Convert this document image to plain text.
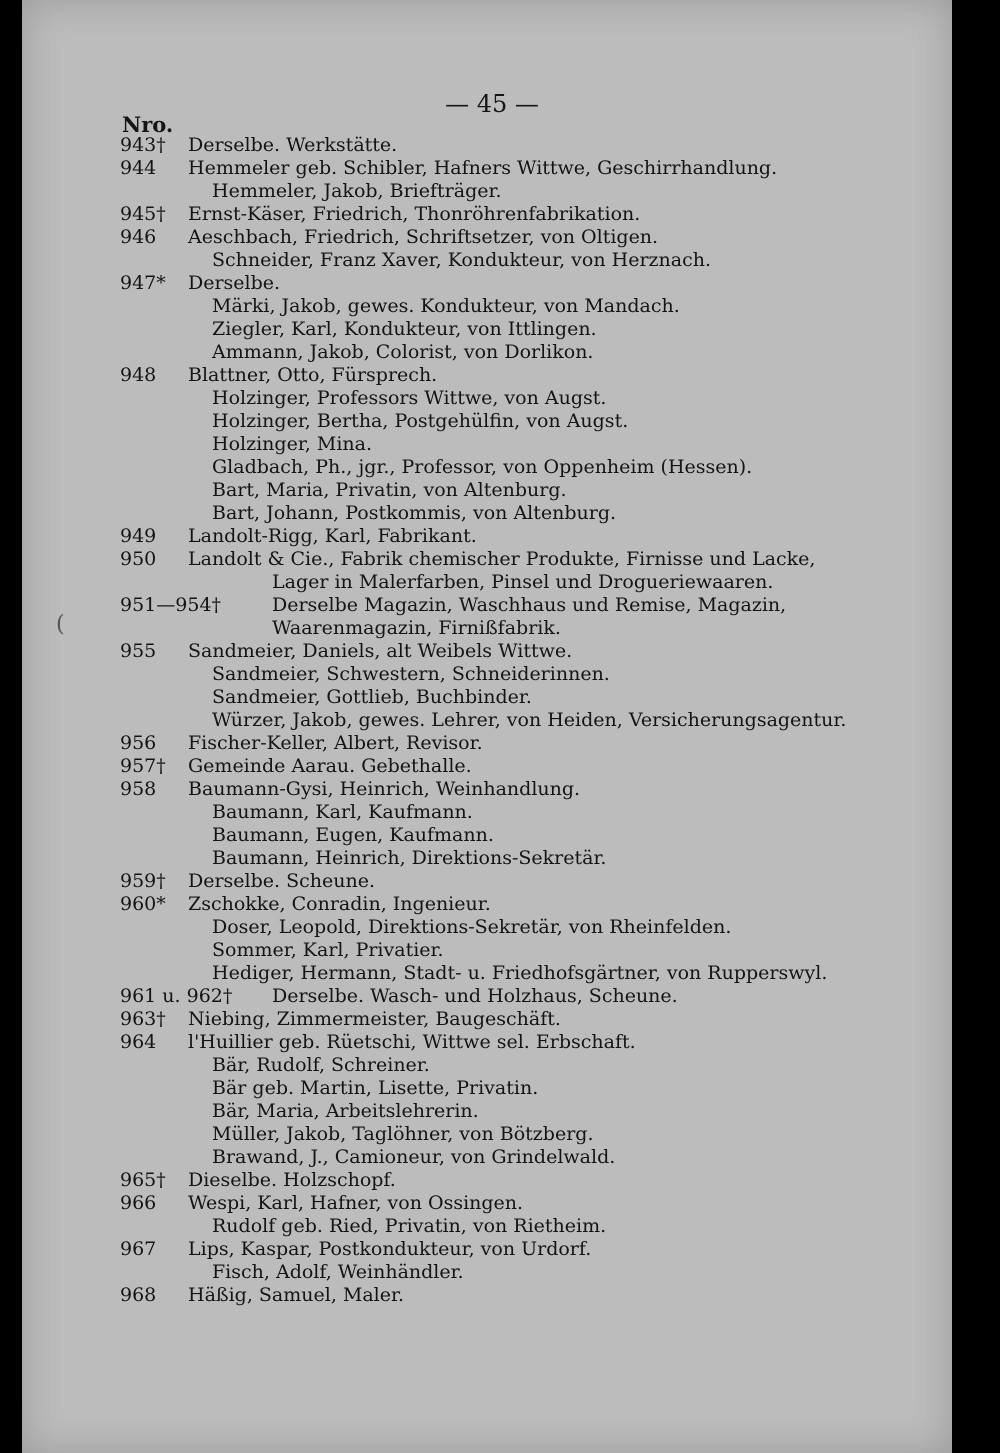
— 45 —
Nro.
943† Derselbe. Werkstätte.
944 Hemmeler geb. Schibler, Hafners Wittwe, Geschirrhandlung.
Hemmeler, Jakob, Briefträger.
945† Ernst-Käser, Friedrich, Thonröhrenfabrikation.
946 Aeschbach, Friedrich, Schriftsetzer, von Oltigen.
Schneider, Franz Xaver, Kondukteur, von Herznach.
947* Derselbe.
Märki, Jakob, gewes. Kondukteur, von Mandach.
Ziegler, Karl, Kondukteur, von Ittlingen.
Ammann, Jakob, Colorist, von Dorlikon.
948 Blattner, Otto, Fürsprech.
Holzinger, Professors Wittwe, von Augst.
Holzinger, Bertha, Postgehülfin, von Augst.
Holzinger, Mina.
Gladbach, Ph., jgr., Professor, von Oppenheim (Hessen).
Bart, Maria, Privatin, von Altenburg.
Bart, Johann, Postkommis, von Altenburg.
949 Landolt-Rigg, Karl, Fabrikant.
950 Landolt & Cie., Fabrik chemischer Produkte, Firnisse und Lacke,
Lager in Malerfarben, Pinsel und Drogueriewaaren.
951—954†	Derselbe Magazin, Waschhaus und Remise, Magazin,
Waarenmagazin, Firnißfabrik.
955 Sandmeier, Daniels, alt Weibels Wittwe.
Sandmeier, Schwestern, Schneiderinnen.
Sandmeier, Gottlieb, Buchbinder.
Würzer, Jakob, gewes. Lehrer, von Heiden, Versicherungsagentur.
956 Fischer-Keller, Albert, Revisor.
957† Gemeinde Aarau. Gebethalle.
958 Baumann-Gysi, Heinrich, Weinhandlung.
Baumann, Karl, Kaufmann.
Baumann, Eugen, Kaufmann.
Baumann, Heinrich, Direktions-Sekretär.
959† Derselbe. Scheune.
960* Zschokke, Conradin, Ingenieur.
Doser, Leopold, Direktions-Sekretär, von Rheinfelden.
Sommer, Karl, Privatier.
Hediger, Hermann, Stadt- u. Friedhofsgärtner, von Rupperswyl.
961 u. 962† Derselbe. Wasch- und Holzhaus, Scheune.
963† Niebing, Zimmermeister, Baugeschäft.
964 l'Huillier geb. Rüetschi, Wittwe sel. Erbschaft.
Bär, Rudolf, Schreiner.
Bär geb. Martin, Lisette, Privatin.
Bär, Maria, Arbeitslehrerin.
Müller, Jakob, Taglöhner, von Bötzberg.
Brawand, J., Camioneur, von Grindelwald.
965† Dieselbe. Holzschopf.
966 Wespi, Karl, Hafner, von Ossingen.
Rudolf geb. Ried, Privatin, von Rietheim.
967 Lips, Kaspar, Postkondukteur, von Urdorf.
Fisch, Adolf, Weinhändler.
968 Häßig, Samuel, Maler.
(
